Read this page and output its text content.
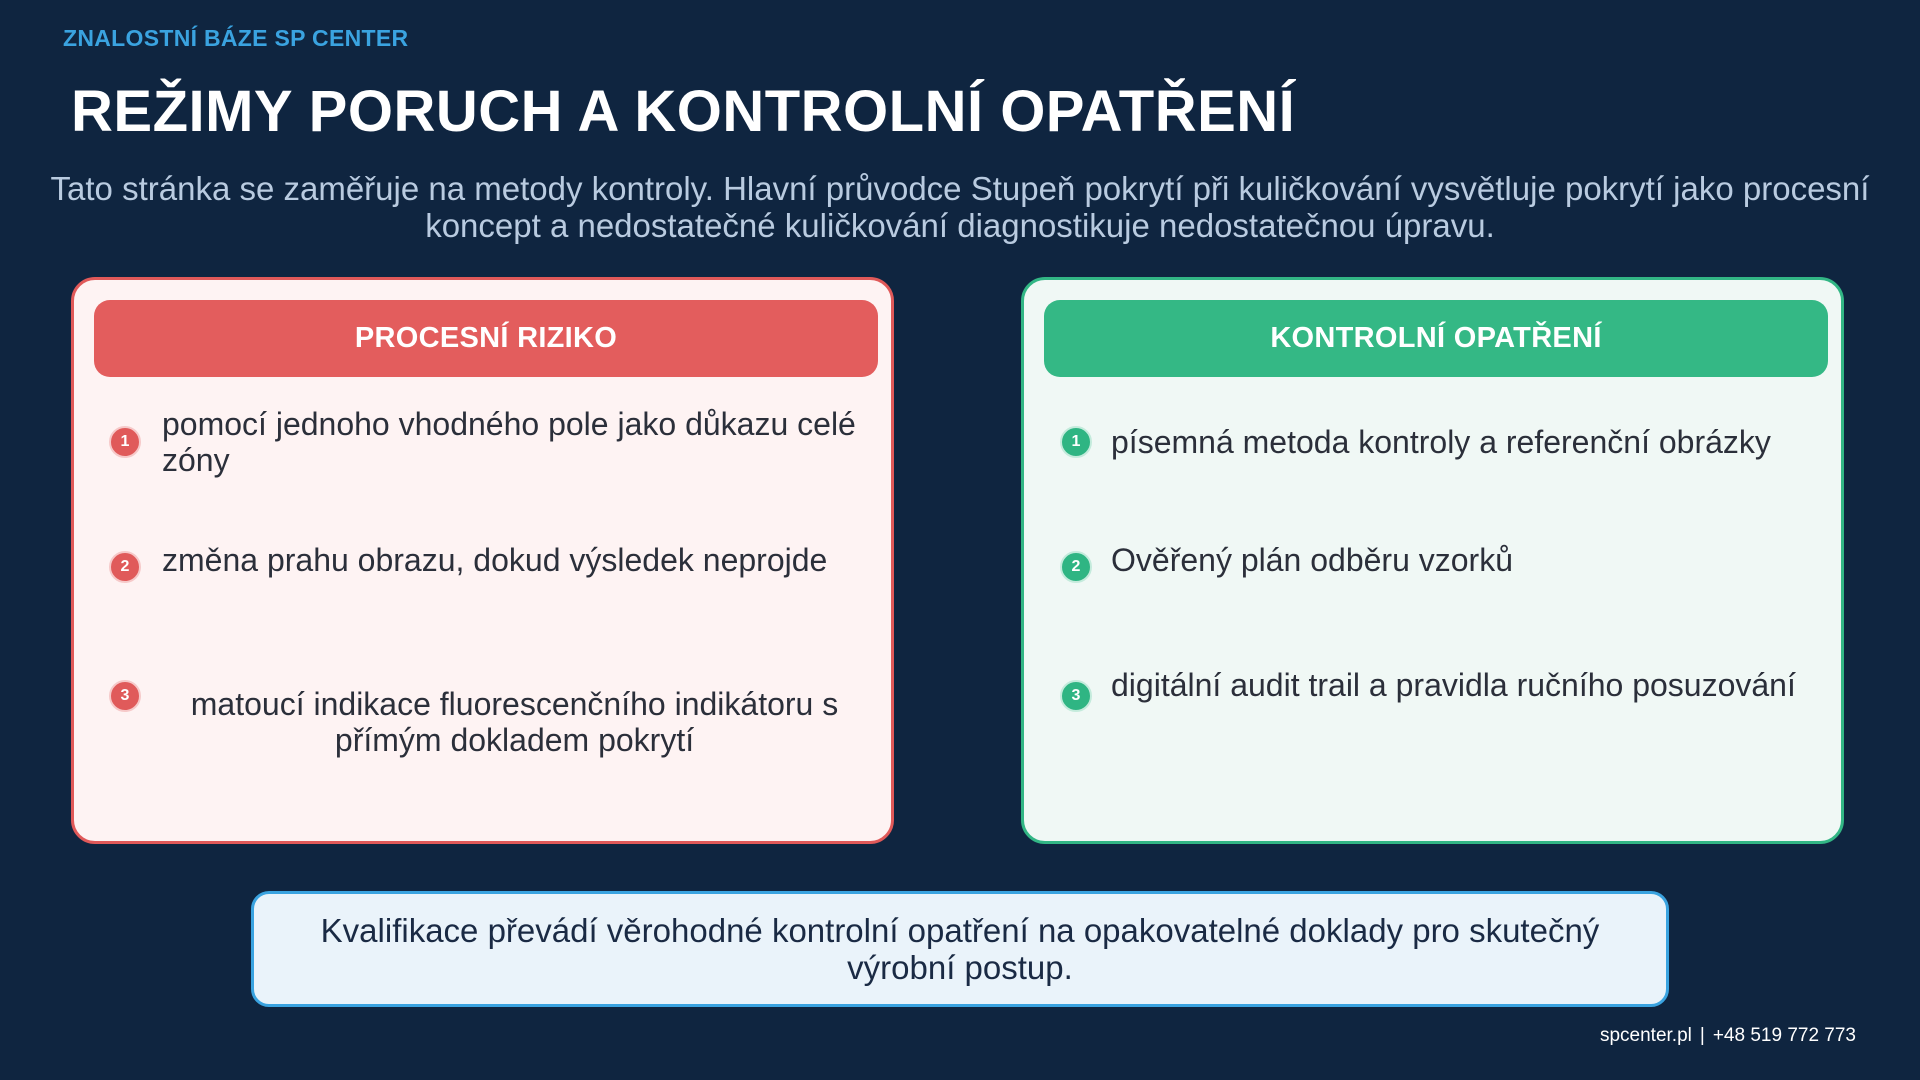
ZNALOSTNÍ BÁZE SP CENTER
REŽIMY PORUCH A KONTROLNÍ OPATŘENÍ
Tato stránka se zaměřuje na metody kontroly. Hlavní průvodce Stupeň pokrytí při kuličkování vysvětluje pokrytí jako procesní koncept a nedostatečné kuličkování diagnostikuje nedostatečnou úpravu.
PROCESNÍ RIZIKO
1	pomocí jednoho vhodného pole jako důkazu celé zóny
2	změna prahu obrazu, dokud výsledek neprojde
3	matoucí indikace fluorescenčního indikátoru s přímým dokladem pokrytí
KONTROLNÍ OPATŘENÍ
1 písemná metoda kontroly a referenční obrázky
2 Ověřený plán odběru vzorků
3 digitální audit trail a pravidla ručního posuzování
Kvalifikace převádí věrohodné kontrolní opatření na opakovatelné doklady pro skutečný výrobní postup.
spcenter.pl | +48 519 772 773
